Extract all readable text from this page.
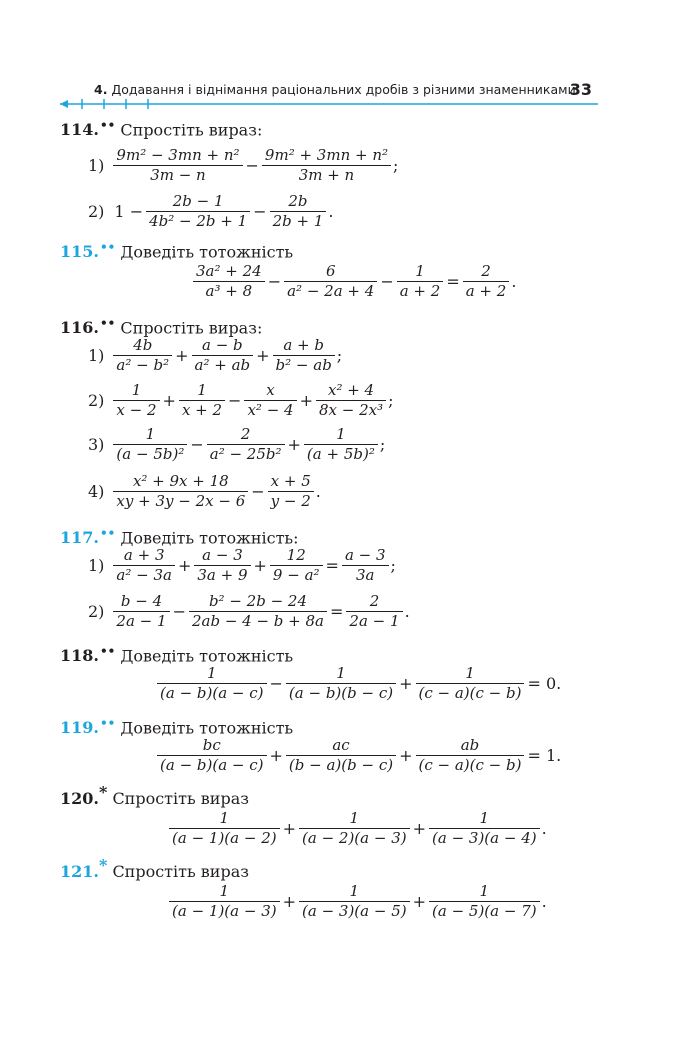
4. Додавання і віднімання раціональних дробів з різними знаменниками
33
114.•• Спростіть вираз:
1)
9m² − 3mn + n²
3m − n −
9m² + 3mn + n²
3m + n ;
2) 1 −
2b − 1
4b² − 2b + 1 −
2b
2b + 1 .
115.•• Доведіть тотожність
3a² + 24
a³ + 8 −
6
a² − 2a + 4 −
1
a + 2 =
2
a + 2 .
116.•• Спростіть вираз:
1)
4b
a² − b² +
a − b
a² + ab +
a + b
b² − ab ;
2)
1
x − 2 +
1
x + 2 −
x
x² − 4 +
x² + 4
8x − 2x³ ;
3)
1
(a − 5b)² −
2
a² − 25b² +
1
(a + 5b)² ;
4)
x² + 9x + 18
xy + 3y − 2x − 6 −
x + 5
y − 2 .
117.•• Доведіть тотожність:
1)
a + 3
a² − 3a +
a − 3
3a + 9 +
12
9 − a² =
a − 3
3a ;
2)
b − 4
2a − 1 −
b² − 2b − 24
2ab − 4 − b + 8a =
2
2a − 1 .
118.•• Доведіть тотожність
1
(a − b)(a − c) −
1
(a − b)(b − c) +
1
(c − a)(c − b) = 0.
119.•• Доведіть тотожність
bc
(a − b)(a − c) +
ac
(b − a)(b − c) +
ab
(c − a)(c − b) = 1.
120.* Спростіть вираз
1
(a − 1)(a − 2) +
1
(a − 2)(a − 3) +
1
(a − 3)(a − 4) .
121.* Спростіть вираз
1
(a − 1)(a − 3) +
1
(a − 3)(a − 5) +
1
(a − 5)(a − 7) .
